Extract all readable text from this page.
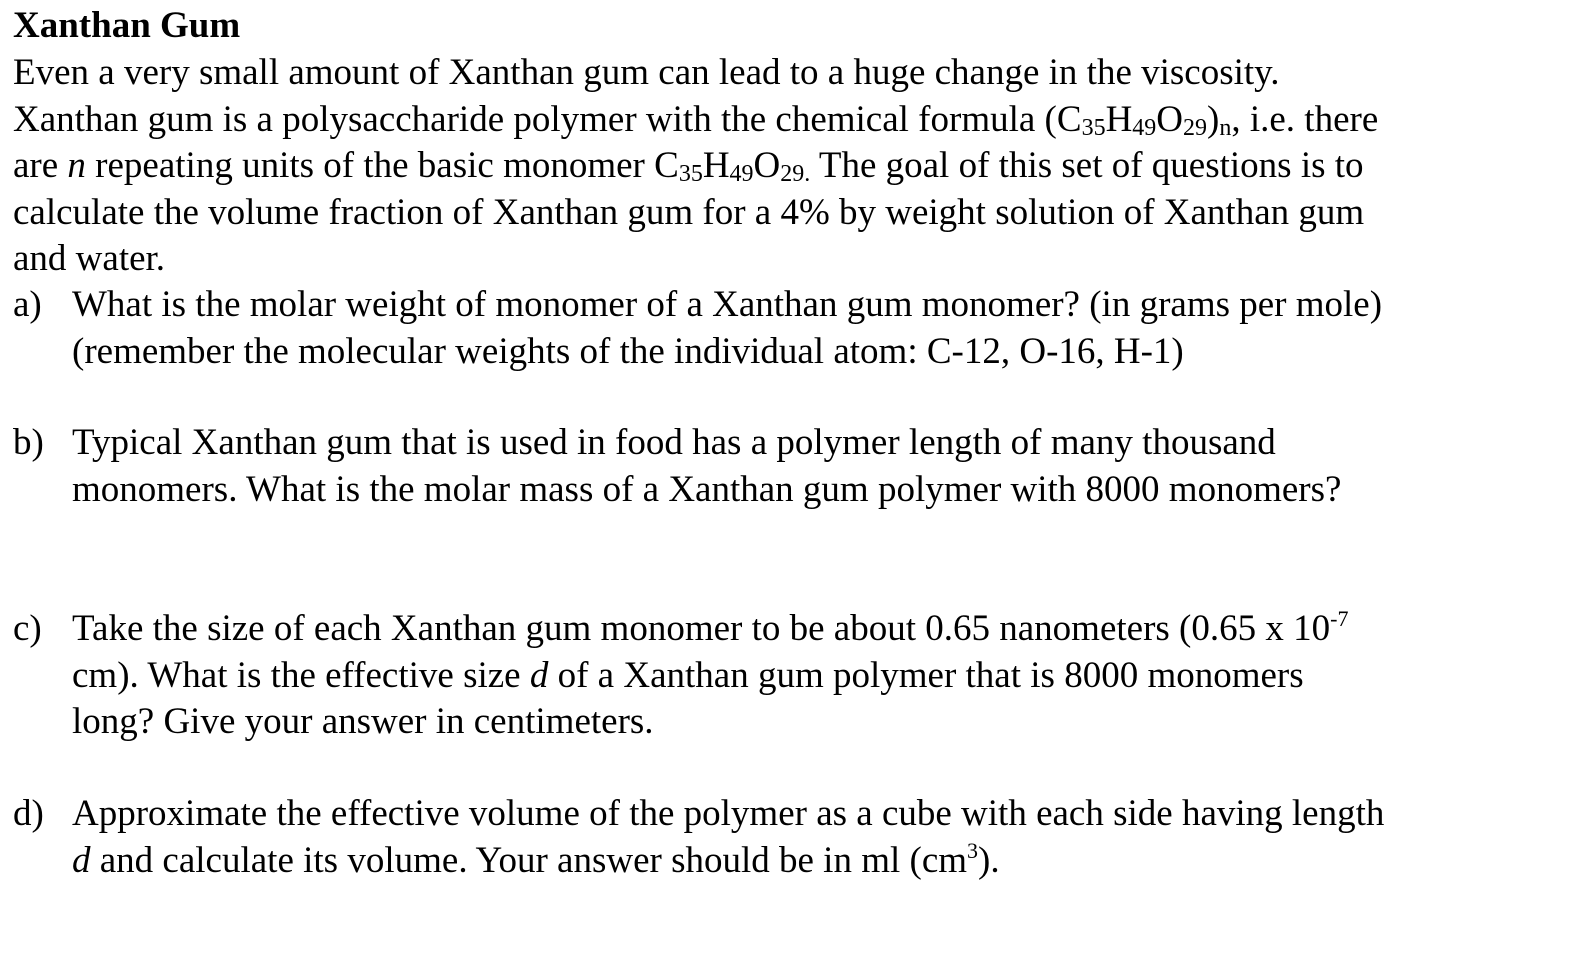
Xanthan Gum
Even a very small amount of Xanthan gum can lead to a huge change in the viscosity.
Xanthan gum is a polysaccharide polymer with the chemical formula $(C_{35}H_{49}O_{29})_n$, i.e. there
are n repeating units of the basic monomer $C_{35}H_{49}O_{29.}$ The goal of this set of questions is to
calculate the volume fraction of Xanthan gum for a 4% by weight solution of Xanthan gum
and water.
a) What is the molar weight of monomer of a Xanthan gum monomer? (in grams per mole)
(remember the molecular weights of the individual atom: C-12, O-16, H-1)
b) Typical Xanthan gum that is used in food has a polymer length of many thousand
monomers. What is the molar mass of a Xanthan gum polymer with 8000 monomers?
c) Take the size of each Xanthan gum monomer to be about 0.65 nanometers (0.65 x $10^{-7}$
cm). What is the effective size d of a Xanthan gum polymer that is 8000 monomers
long? Give your answer in centimeters.
d) Approximate the effective volume of the polymer as a cube with each side having length
d and calculate its volume. Your answer should be in ml $(cm^3)$.
